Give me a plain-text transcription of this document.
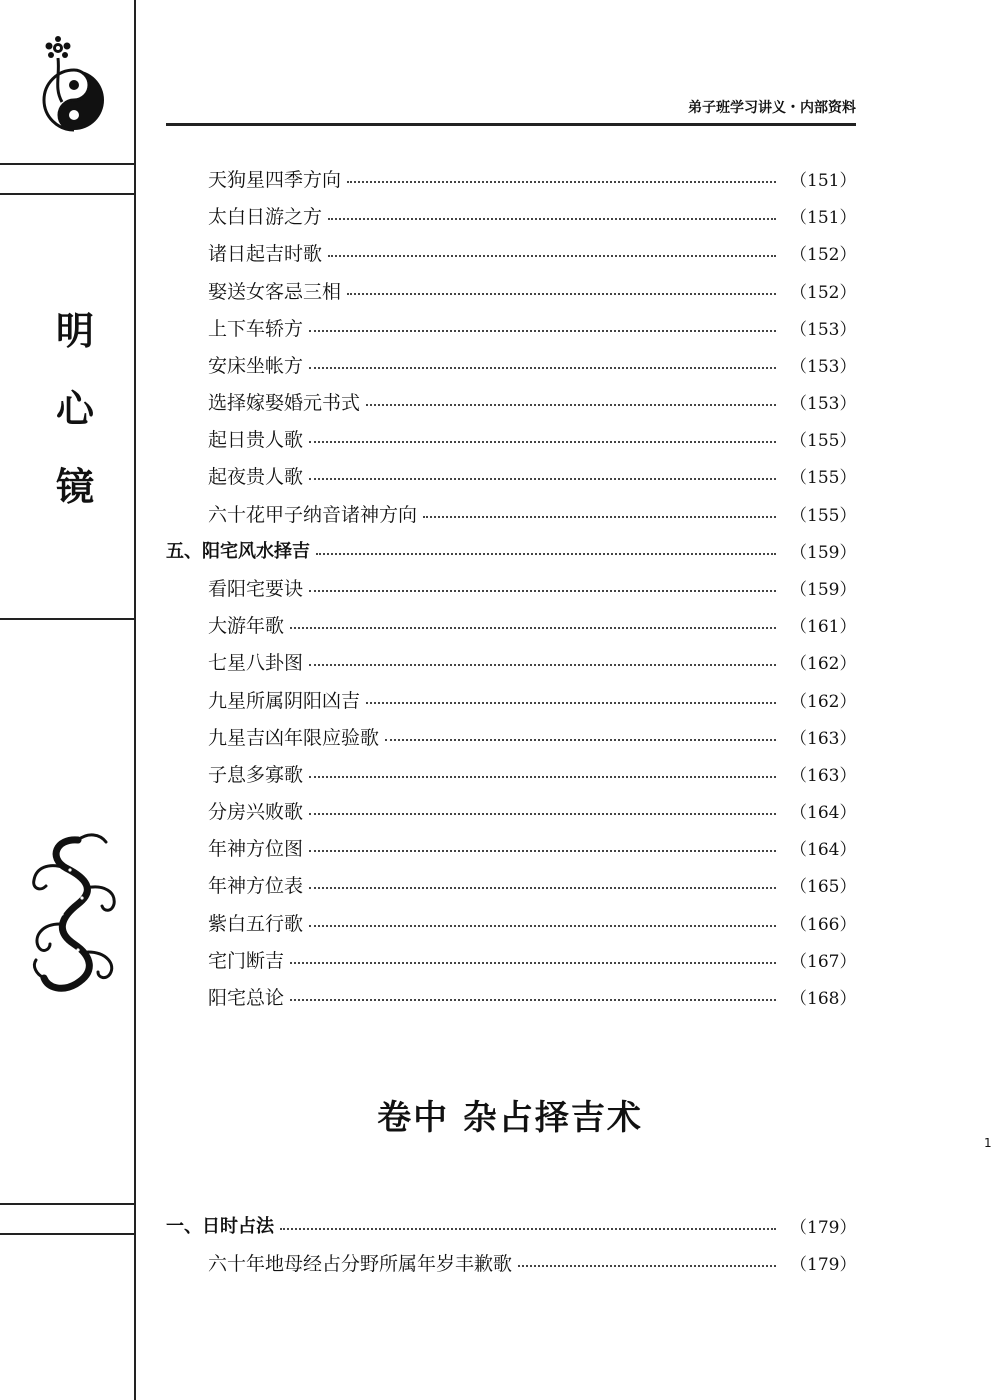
明
心
镜
弟子班学习讲义・内部资料
天狗星四季方向	（151）
太白日游之方	（151）
诸日起吉时歌	（152）
娶送女客忌三相	（152）
上下车轿方	（153）
安床坐帐方	（153）
选择嫁娶婚元书式	（153）
起日贵人歌	（155）
起夜贵人歌	（155）
六十花甲子纳音诸神方向	（155）
五、阳宅风水择吉	（159）
看阳宅要诀	（159）
大游年歌	（161）
七星八卦图	（162）
九星所属阴阳凶吉	（162）
九星吉凶年限应验歌	（163）
子息多寡歌	（163）
分房兴败歌	（164）
年神方位图	（164）
年神方位表	（165）
紫白五行歌	（166）
宅门断吉	（167）
阳宅总论	（168）
卷中 杂占择吉术
一、日时占法	（179）
六十年地母经占分野所属年岁丰歉歌	（179）
1
